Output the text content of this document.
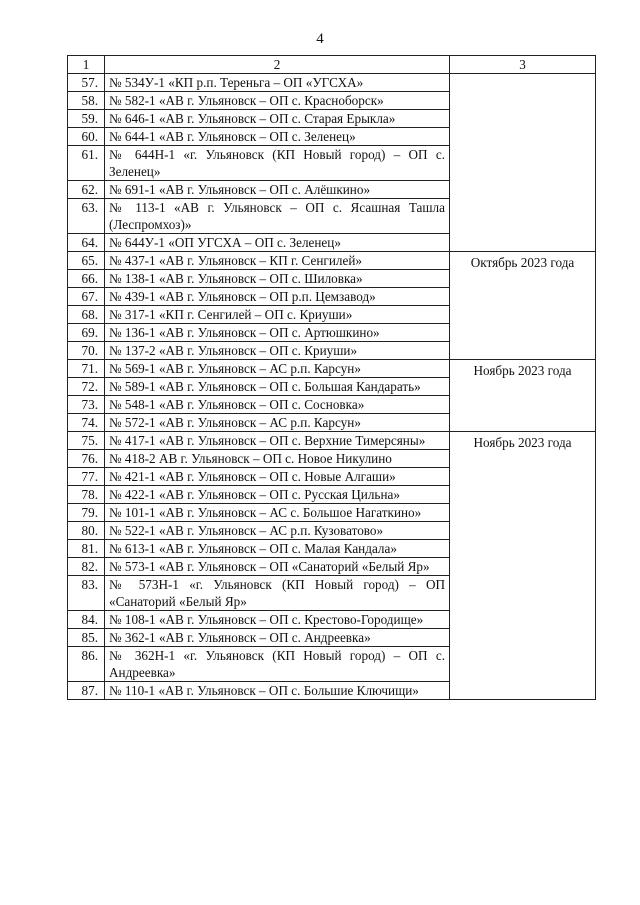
4
1	2	3
57.	№ 534У-1 «КП р.п. Тереньга – ОП «УГСХА»	
58.	№ 582-1 «АВ г. Ульяновск – ОП с. Красноборск»	
59.	№ 646-1 «АВ г. Ульяновск – ОП с. Старая Ерыкла»	
60.	№ 644-1 «АВ г. Ульяновск – ОП с. Зеленец»	
61.	№ 644Н-1 «г. Ульяновск (КП Новый город) – ОП с. Зеленец»	
62.	№ 691-1 «АВ г. Ульяновск – ОП с. Алёшкино»	
63.	№ 113-1 «АВ г. Ульяновск – ОП с. Ясашная Ташла (Леспромхоз)»	
64.	№ 644У-1 «ОП УГСХА – ОП с. Зеленец»	
65.	№ 437-1 «АВ г. Ульяновск – КП г. Сенгилей»	Октябрь 2023 года

66.	№ 138-1 «АВ г. Ульяновск – ОП с. Шиловка»	
67.	№ 439-1 «АВ г. Ульяновск – ОП р.п. Цемзавод»	
68.	№ 317-1 «КП г. Сенгилей – ОП с. Криуши»	
69.	№ 136-1 «АВ г. Ульяновск – ОП с. Артюшкино»	
70.	№ 137-2 «АВ г. Ульяновск – ОП с. Криуши»	
71.	№ 569-1 «АВ г. Ульяновск – АС р.п. Карсун»	Ноябрь 2023 года

72.	№ 589-1 «АВ г. Ульяновск – ОП с. Большая Кандарать»	
73.	№ 548-1 «АВ г. Ульяновск – ОП с. Сосновка»	
74.	№ 572-1 «АВ г. Ульяновск – АС р.п. Карсун»	
75.	№ 417-1 «АВ г. Ульяновск – ОП с. Верхние Тимерсяны»	Ноябрь 2023 года

76.	№ 418-2 АВ г. Ульяновск – ОП с. Новое Никулино	
77.	№ 421-1 «АВ г. Ульяновск – ОП с. Новые Алгаши»	
78.	№ 422-1 «АВ г. Ульяновск – ОП с. Русская Цильна»	
79.	№ 101-1 «АВ г. Ульяновск – АС с. Большое Нагаткино»	
80.	№ 522-1 «АВ г. Ульяновск – АС р.п. Кузоватово»	
81.	№ 613-1 «АВ г. Ульяновск – ОП с. Малая Кандала»	
82.	№ 573-1 «АВ г. Ульяновск – ОП «Санаторий «Белый Яр»	
83.	№ 573Н-1 «г. Ульяновск (КП Новый город) – ОП «Санаторий «Белый Яр»	
84.	№ 108-1 «АВ г. Ульяновск – ОП с. Крестово-Городище»	
85.	№ 362-1 «АВ г. Ульяновск – ОП с. Андреевка»	
86.	№ 362Н-1 «г. Ульяновск (КП Новый город) – ОП с. Андреевка»	
87.	№ 110-1 «АВ г. Ульяновск – ОП с. Большие Ключищи»	
